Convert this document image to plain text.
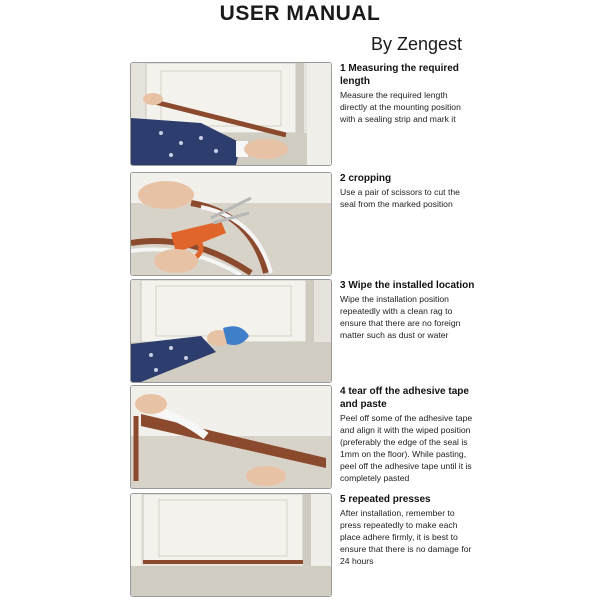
USER MANUAL
By Zengest
1 Measuring the required length
Measure the required length directly at the mounting position with a sealing strip and mark it
2 cropping
Use a pair of scissors to cut the seal from the marked position
3 Wipe the installed location
Wipe the installation position repeatedly with a clean rag to ensure that there are no foreign matter such as dust or water
4 tear off the adhesive tape and paste
Peel off some of the adhesive tape and align it with the wiped position (preferably the edge of the seal is 1mm on the floor). While pasting, peel off the adhesive tape until it is completely pasted
5 repeated presses
After installation, remember to press repeatedly to make each place adhere firmly, it is best to ensure that there is no damage for 24 hours
